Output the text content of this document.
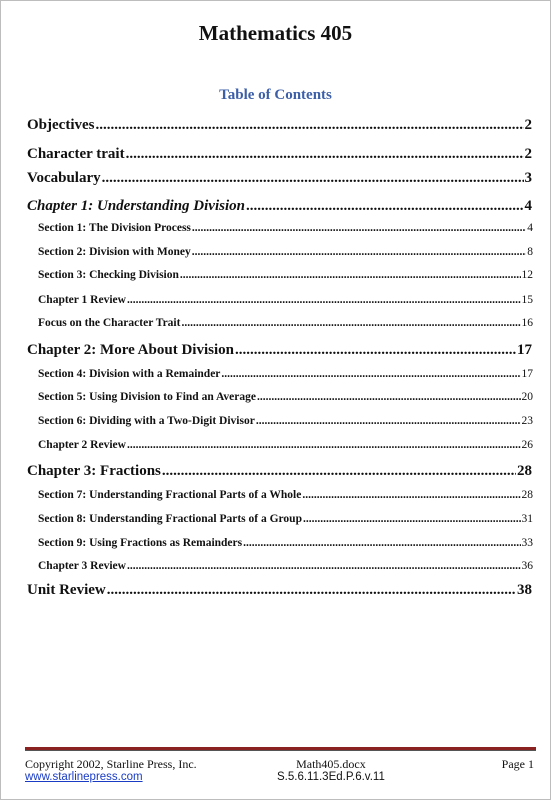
Mathematics 405
Table of Contents
Objectives .....	2
Character trait .....	2
Vocabulary .....	3
Chapter 1: Understanding Division .....	4
Section 1: The Division Process .....	4
Section 2: Division with Money .....	8
Section 3: Checking Division .....	12
Chapter 1 Review .....	15
Focus on the Character Trait .....	16
Chapter 2: More About Division .....	17
Section 4: Division with a Remainder .....	17
Section 5: Using Division to Find an Average .....	20
Section 6: Dividing with a Two-Digit Divisor .....	23
Chapter 2 Review .....	26
Chapter 3: Fractions .....	28
Section 7: Understanding Fractional Parts of a Whole .....	28
Section 8: Understanding Fractional Parts of a Group .....	31
Section 9: Using Fractions as Remainders .....	33
Chapter 3 Review .....	36
Unit Review .....	38
Copyright 2002, Starline Press, Inc.
www.starlinepress.com
Math405.docx
S.5.6.11.3Ed.P.6.v.11
Page 1
